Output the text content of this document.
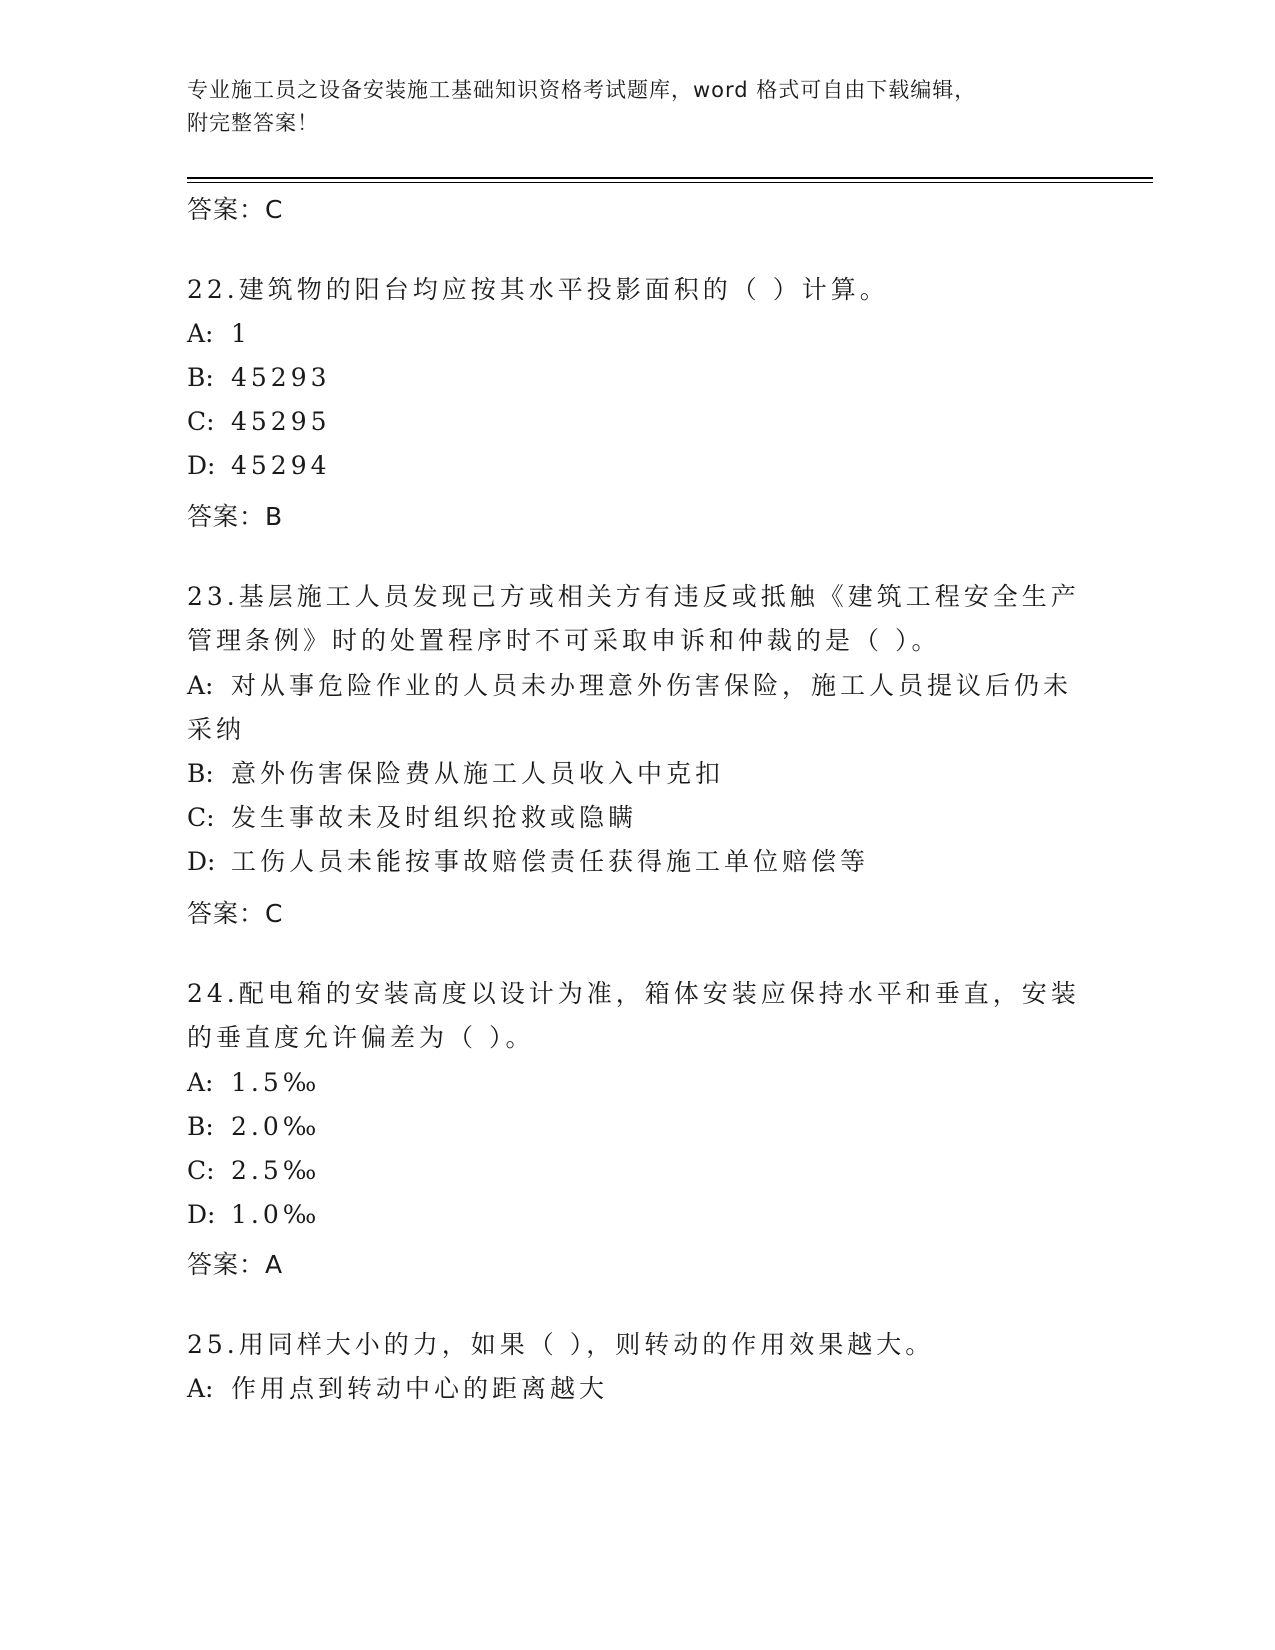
专业施工员之设备安装施工基础知识资格考试题库，word 格式可自由下载编辑，
附完整答案！
答案：C
22.建筑物的阳台均应按其水平投影面积的（ ）计算。
A: 1
B: 45293
C: 45295
D: 45294
答案：B
23.基层施工人员发现己方或相关方有违反或抵触《建筑工程安全生产
管理条例》时的处置程序时不可采取申诉和仲裁的是（ ）。
A: 对从事危险作业的人员未办理意外伤害保险，施工人员提议后仍未
采纳
B: 意外伤害保险费从施工人员收入中克扣
C: 发生事故未及时组织抢救或隐瞒
D: 工伤人员未能按事故赔偿责任获得施工单位赔偿等
答案：C
24.配电箱的安装高度以设计为准，箱体安装应保持水平和垂直，安装
的垂直度允许偏差为（ ）。
A: 1.5‰
B: 2.0‰
C: 2.5‰
D: 1.0‰
答案：A
25.用同样大小的力，如果（ ），则转动的作用效果越大。
A: 作用点到转动中心的距离越大
